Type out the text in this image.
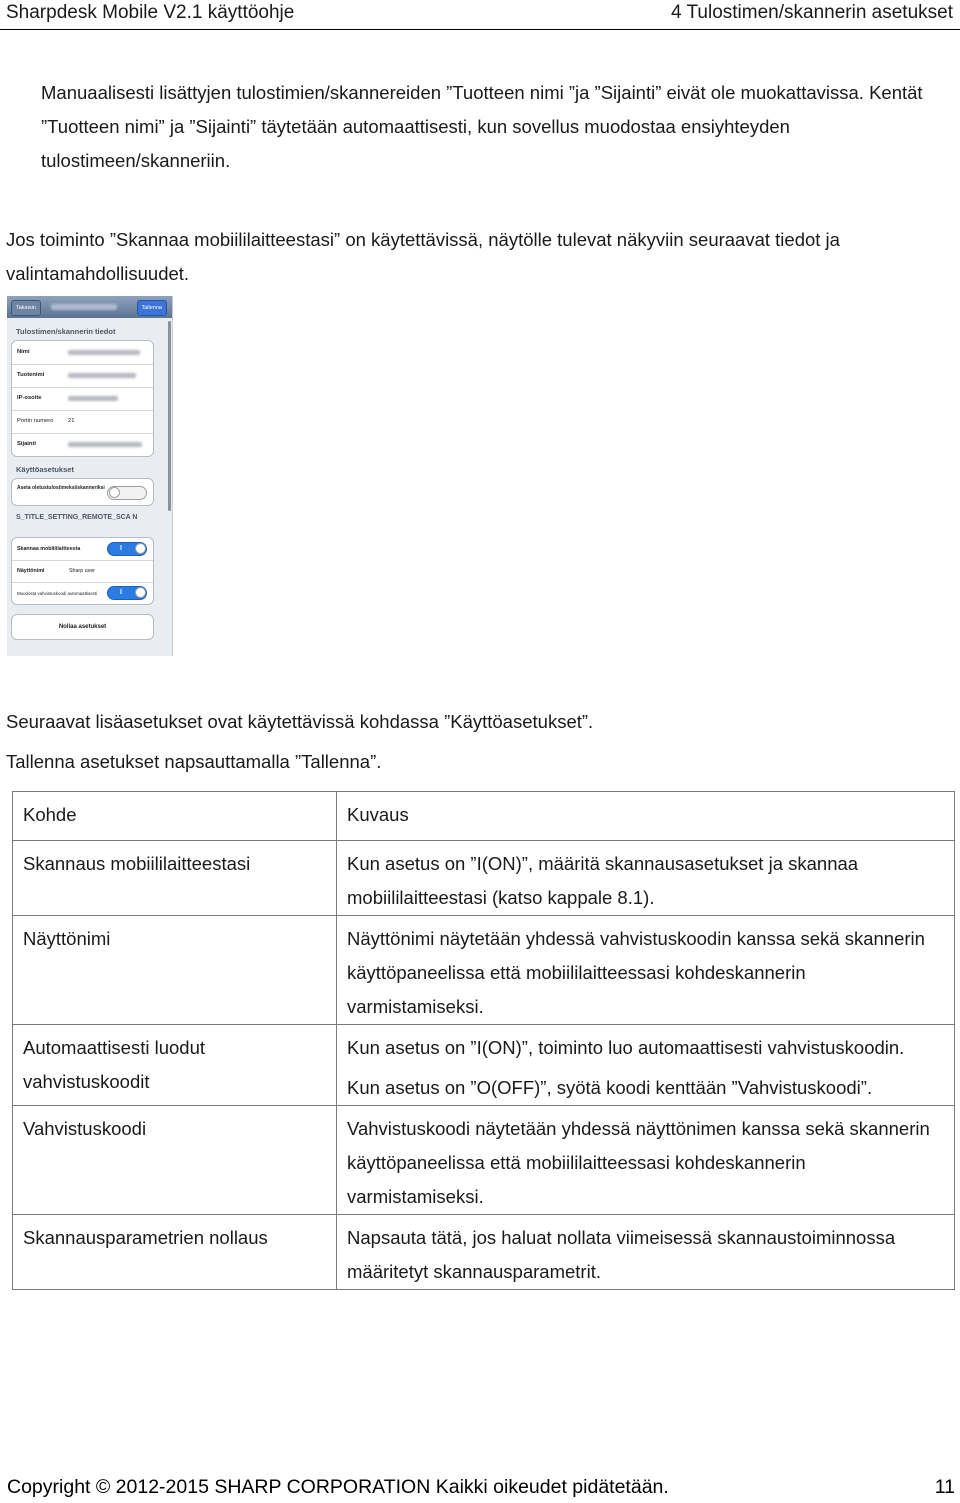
Sharpdesk Mobile V2.1 käyttöohje	4 Tulostimen/skannerin asetukset
Manuaalisesti lisättyjen tulostimien/skannereiden ”Tuotteen nimi ”ja ”Sijainti” eivät ole muokattavissa. Kentät ”Tuotteen nimi” ja ”Sijainti” täytetään automaattisesti, kun sovellus muodostaa ensiyhteyden tulostimeen/skanneriin.
Jos toiminto ”Skannaa mobiililaitteestasi” on käytettävissä, näytölle tulevat näkyviin seuraavat tiedot ja valintamahdollisuudet.
Takaisin	Tallenna
Tulostimen/skannerin tiedot
Nimi
Tuotenimi
IP-osoite
Portin numero	21
Sijainti
Käyttöasetukset
Aseta oletustulostimeksi/skanneriksi
S_TITLE_SETTING_REMOTE_SCA N
Skannaa mobiililaitteesta	I
Näyttönimi	Sharp user
Muodosta vahvistuskoodi automaattisesti	I
Nollaa asetukset
Seuraavat lisäasetukset ovat käytettävissä kohdassa ”Käyttöasetukset”.
Tallenna asetukset napsauttamalla ”Tallenna”.
Kohde	Kuvaus
Skannaus mobiililaitteestasi	Kun asetus on ”I(ON)”, määritä skannausasetukset ja skannaa mobiililaitteestasi (katso kappale 8.1).
Näyttönimi	Näyttönimi näytetään yhdessä vahvistuskoodin kanssa sekä skannerin käyttöpaneelissa että mobiililaitteessasi kohdeskannerin varmistamiseksi.
Automaattisesti luodut vahvistuskoodit	Kun asetus on ”I(ON)”, toiminto luo automaattisesti vahvistuskoodin.
Kun asetus on ”O(OFF)”, syötä koodi kenttään ”Vahvistuskoodi”.

Vahvistuskoodi	Vahvistuskoodi näytetään yhdessä näyttönimen kanssa sekä skannerin käyttöpaneelissa että mobiililaitteessasi kohdeskannerin varmistamiseksi.
Skannausparametrien nollaus	Napsauta tätä, jos haluat nollata viimeisessä skannaustoiminnossa määritetyt skannausparametrit.
Copyright © 2012-2015 SHARP CORPORATION Kaikki oikeudet pidätetään.	11
